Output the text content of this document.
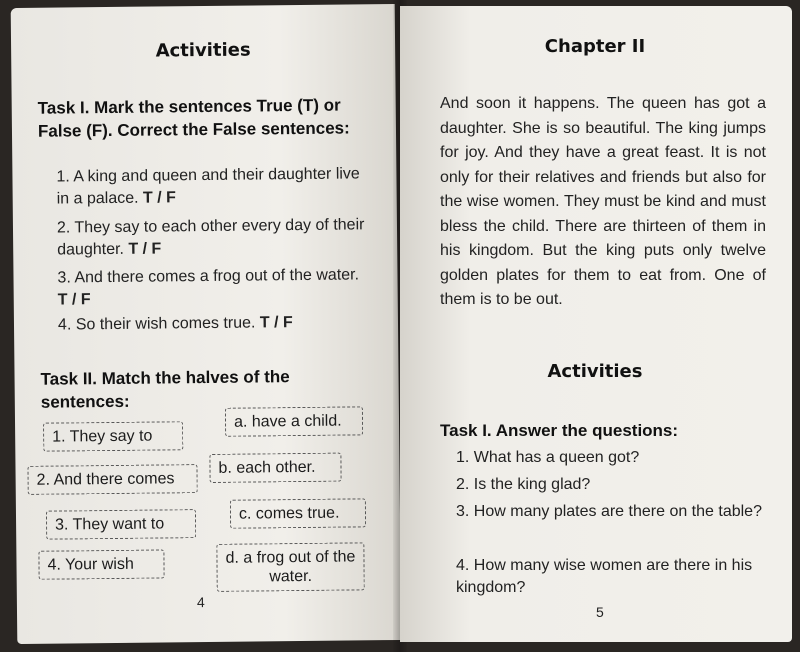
Activities
Task I. Mark the sentences True (T) or False (F). Correct the False sentences:
1. A king and queen and their daughter live in a palace. T / F
2. They say to each other every day of their daughter. T / F
3. And there comes a frog out of the water. T / F
4. So their wish comes true. T / F
Task II. Match the halves of the sentences:
1. They say to
2. And there comes
3. They want to
4. Your wish
a. have a child.
b. each other.
c. comes true.
d. a frog out of the water.
4
Chapter II
And soon it happens. The queen has got a daughter. She is so beautiful. The king jumps for joy. And they have a great feast. It is not only for their relatives and friends but also for the wise women. They must be kind and must bless the child. There are thirteen of them in his kingdom. But the king puts only twelve golden plates for them to eat from. One of them is to be out.
Activities
Task I. Answer the questions:
1. What has a queen got?
2. Is the king glad?
3. How many plates are there on the table?
4. How many wise women are there in his kingdom?
5
